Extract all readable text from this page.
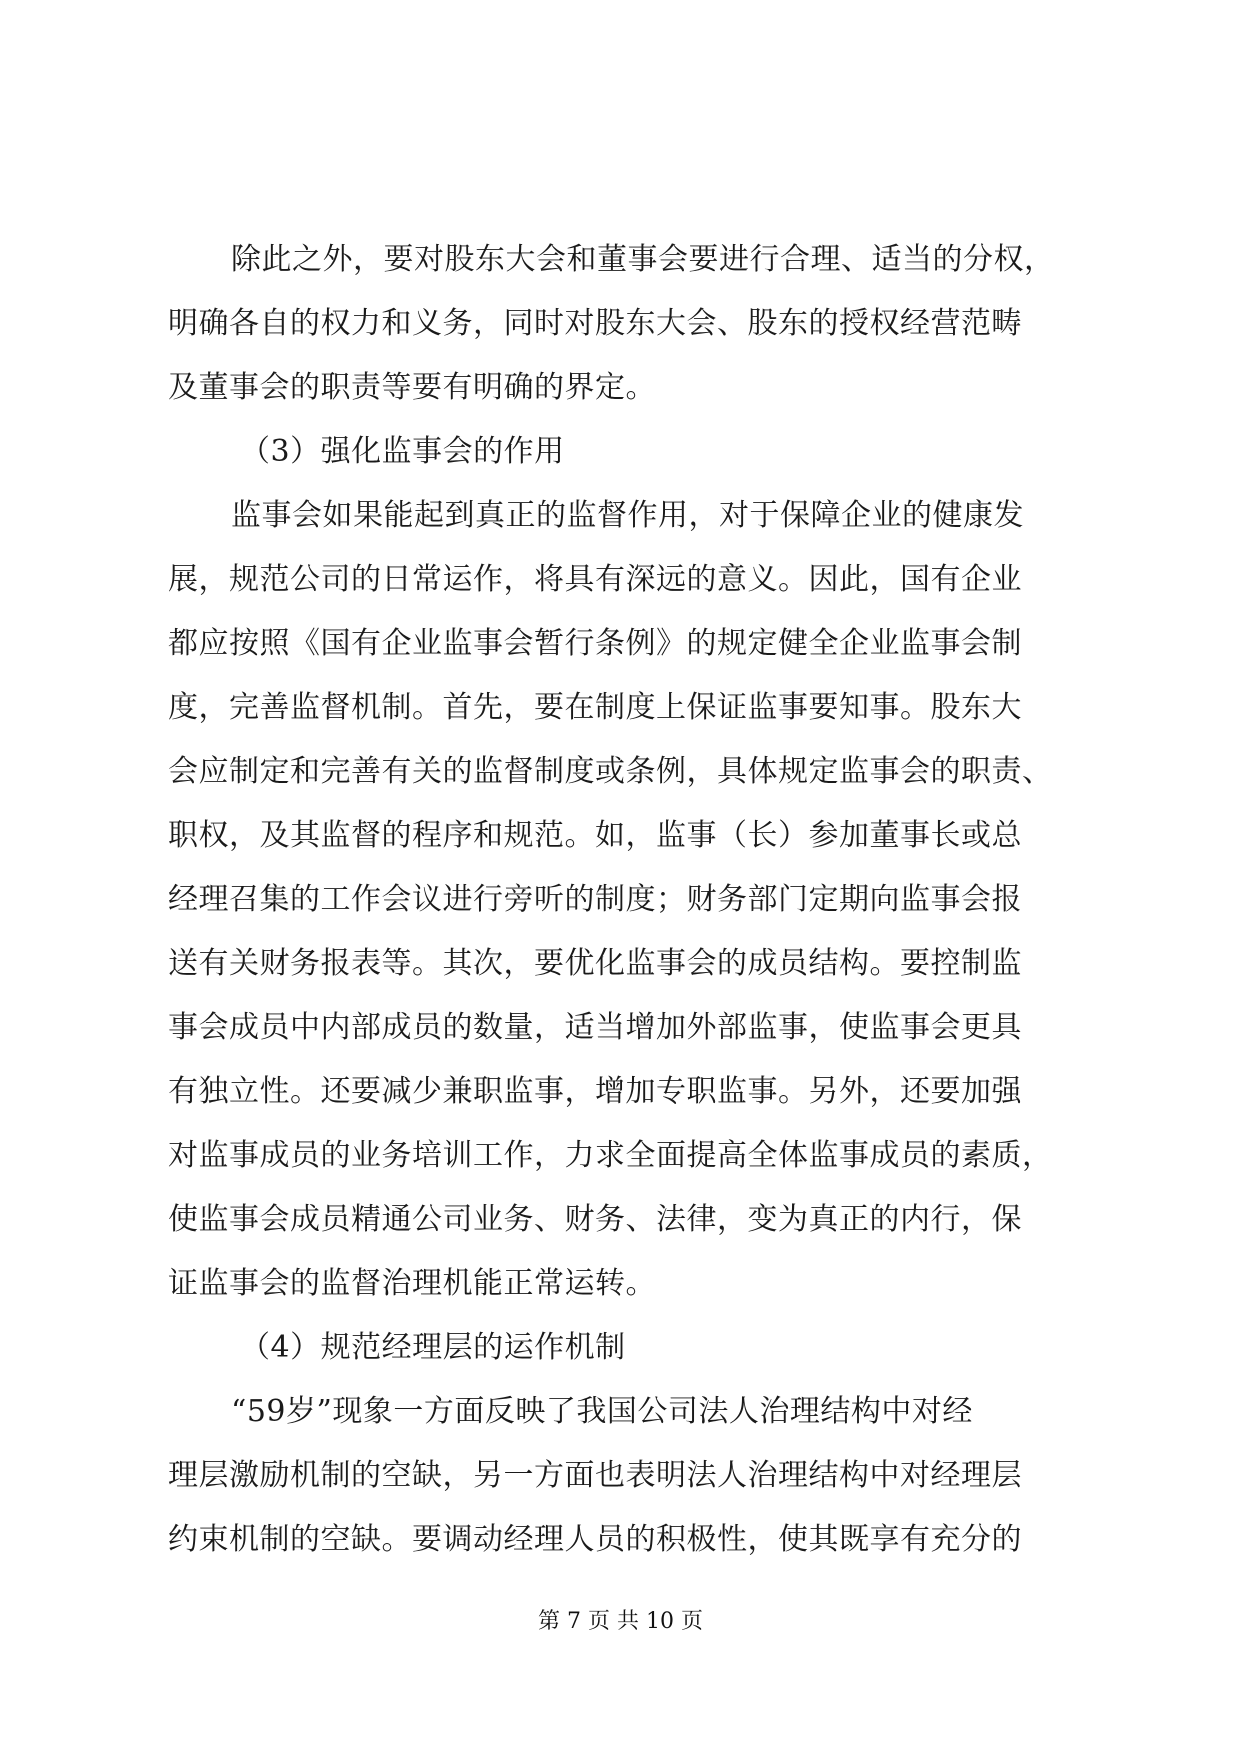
除此之外，要对股东大会和董事会要进行合理、适当的分权，
明确各自的权力和义务，同时对股东大会、股东的授权经营范畴
及董事会的职责等要有明确的界定。
（3）强化监事会的作用
监事会如果能起到真正的监督作用，对于保障企业的健康发
展，规范公司的日常运作，将具有深远的意义。因此，国有企业
都应按照《国有企业监事会暂行条例》的规定健全企业监事会制
度，完善监督机制。首先，要在制度上保证监事要知事。股东大
会应制定和完善有关的监督制度或条例，具体规定监事会的职责、
职权，及其监督的程序和规范。如，监事（长）参加董事长或总
经理召集的工作会议进行旁听的制度；财务部门定期向监事会报
送有关财务报表等。其次，要优化监事会的成员结构。要控制监
事会成员中内部成员的数量，适当增加外部监事，使监事会更具
有独立性。还要减少兼职监事，增加专职监事。另外，还要加强
对监事成员的业务培训工作，力求全面提高全体监事成员的素质，
使监事会成员精通公司业务、财务、法律，变为真正的内行，保
证监事会的监督治理机能正常运转。
（4）规范经理层的运作机制
“59岁”现象一方面反映了我国公司法人治理结构中对经
理层激励机制的空缺，另一方面也表明法人治理结构中对经理层
约束机制的空缺。要调动经理人员的积极性，使其既享有充分的
第 7 页 共 10 页
